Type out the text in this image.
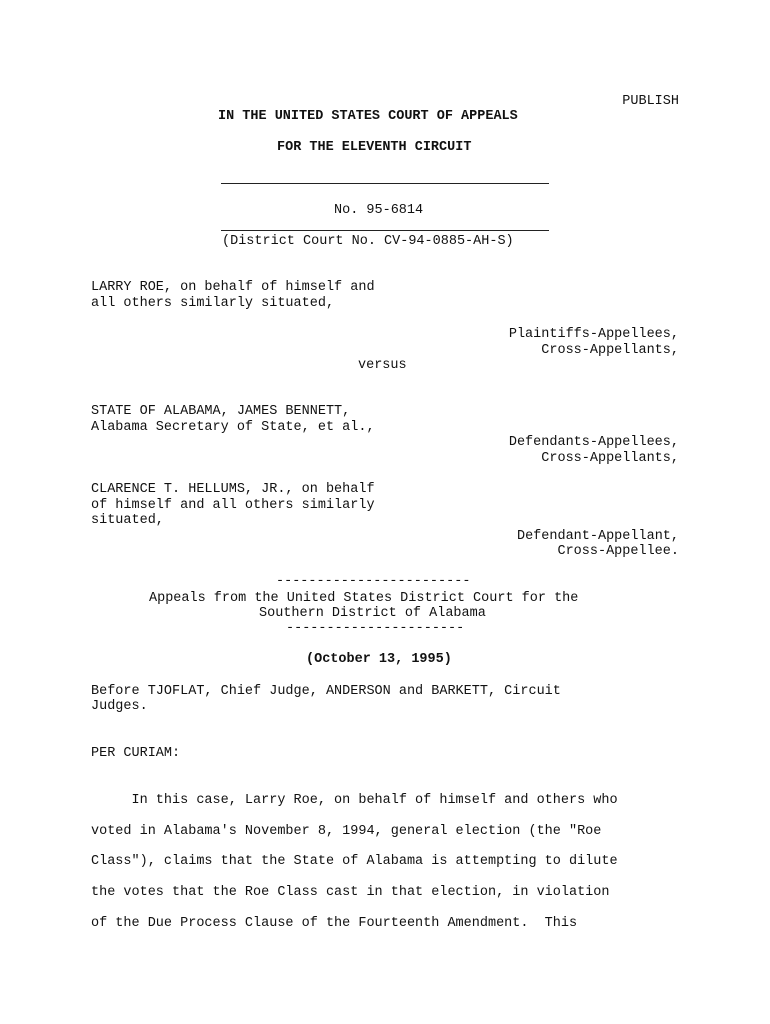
PUBLISH
IN THE UNITED STATES COURT OF APPEALS
FOR THE ELEVENTH CIRCUIT
No. 95-6814
(District Court No. CV-94-0885-AH-S)
LARRY ROE, on behalf of himself and
all others similarly situated,
Plaintiffs-Appellees,
Cross-Appellants,
versus
STATE OF ALABAMA, JAMES BENNETT,
Alabama Secretary of State, et al.,
Defendants-Appellees,
Cross-Appellants,
CLARENCE T. HELLUMS, JR., on behalf
of himself and all others similarly
situated,
Defendant-Appellant,
Cross-Appellee.
------------------------
Appeals from the United States District Court for the
Southern District of Alabama
----------------------
(October 13, 1995)
Before TJOFLAT, Chief Judge, ANDERSON and BARKETT, Circuit
Judges.
PER CURIAM:
In this case, Larry Roe, on behalf of himself and others who
voted in Alabama's November 8, 1994, general election (the "Roe
Class"), claims that the State of Alabama is attempting to dilute
the votes that the Roe Class cast in that election, in violation
of the Due Process Clause of the Fourteenth Amendment.  This
